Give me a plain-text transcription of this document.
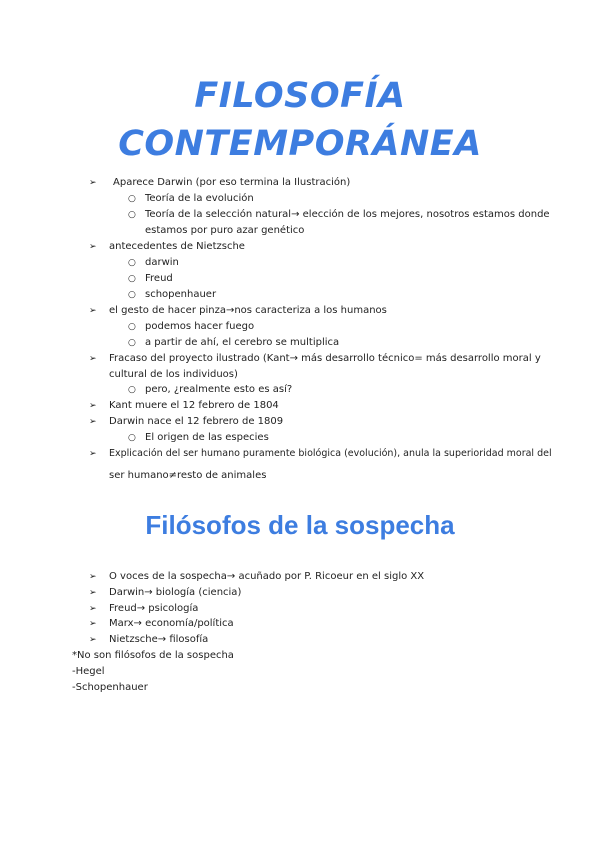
FILOSOFÍA
CONTEMPORÁNEA
➢ Aparece Darwin (por eso termina la Ilustración)
○ Teoría de la evolución
○ Teoría de la selección natural→ elección de los mejores, nosotros estamos donde
estamos por puro azar genético
➢ antecedentes de Nietzsche
○ darwin
○ Freud
○ schopenhauer
➢ el gesto de hacer pinza→nos caracteriza a los humanos
○ podemos hacer fuego
○ a partir de ahí, el cerebro se multiplica
➢ Fracaso del proyecto ilustrado (Kant→ más desarrollo técnico= más desarrollo moral y
cultural de los individuos)
○ pero, ¿realmente esto es así?
➢ Kant muere el 12 febrero de 1804
➢ Darwin nace el 12 febrero de 1809
○ El origen de las especies
➢ Explicación del ser humano puramente biológica (evolución), anula la superioridad moral del
ser humano≠resto de animales
Filósofos de la sospecha
➢ O voces de la sospecha→ acuñado por P. Ricoeur en el siglo XX
➢ Darwin→ biología (ciencia)
➢ Freud→ psicología
➢ Marx→ economía/política
➢ Nietzsche→ filosofía
*No son filósofos de la sospecha
-Hegel
-Schopenhauer
